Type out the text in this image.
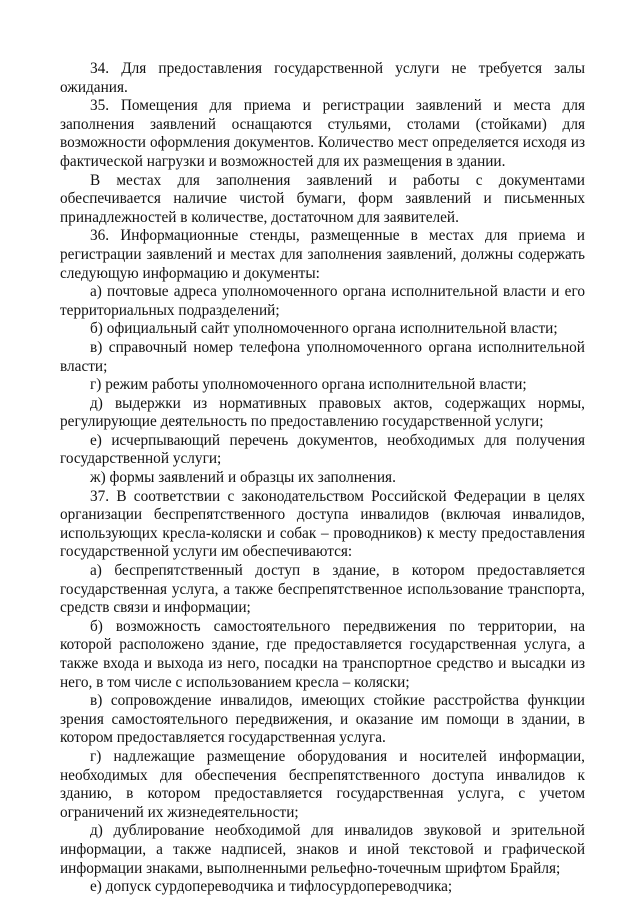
34. Для предоставления государственной услуги не требуется залы ожидания.

35. Помещения для приема и регистрации заявлений и места для заполнения заявлений оснащаются стульями, столами (стойками) для возможности оформления документов. Количество мест определяется исходя из фактической нагрузки и возможностей для их размещения в здании.

В местах для заполнения заявлений и работы с документами обеспечивается наличие чистой бумаги, форм заявлений и письменных принадлежностей в количестве, достаточном для заявителей.

36. Информационные стенды, размещенные в местах для приема и регистрации заявлений и местах для заполнения заявлений, должны содержать следующую информацию и документы:

а) почтовые адреса уполномоченного органа исполнительной власти и его территориальных подразделений;

б) официальный сайт уполномоченного органа исполнительной власти;

в) справочный номер телефона уполномоченного органа исполнительной власти;

г) режим работы уполномоченного органа исполнительной власти;

д) выдержки из нормативных правовых актов, содержащих нормы, регулирующие деятельность по предоставлению государственной услуги;

е) исчерпывающий перечень документов, необходимых для получения государственной услуги;

ж) формы заявлений и образцы их заполнения.

37. В соответствии с законодательством Российской Федерации в целях организации беспрепятственного доступа инвалидов (включая инвалидов, использующих кресла-коляски и собак – проводников) к месту предоставления государственной услуги им обеспечиваются:

а) беспрепятственный доступ в здание, в котором предоставляется государственная услуга, а также беспрепятственное использование транспорта, средств связи и информации;

б) возможность самостоятельного передвижения по территории, на которой расположено здание, где предоставляется государственная услуга, а также входа и выхода из него, посадки на транспортное средство и высадки из него, в том числе с использованием кресла – коляски;

в) сопровождение инвалидов, имеющих стойкие расстройства функции зрения самостоятельного передвижения, и оказание им помощи в здании, в котором предоставляется государственная услуга.

г) надлежащие размещение оборудования и носителей информации, необходимых для обеспечения беспрепятственного доступа инвалидов к зданию, в котором предоставляется государственная услуга, с учетом ограничений их жизнедеятельности;

д) дублирование необходимой для инвалидов звуковой и зрительной информации, а также надписей, знаков и иной текстовой и графической информации знаками, выполненными рельефно-точечным шрифтом Брайля;

е) допуск сурдопереводчика и тифлосурдопереводчика;
